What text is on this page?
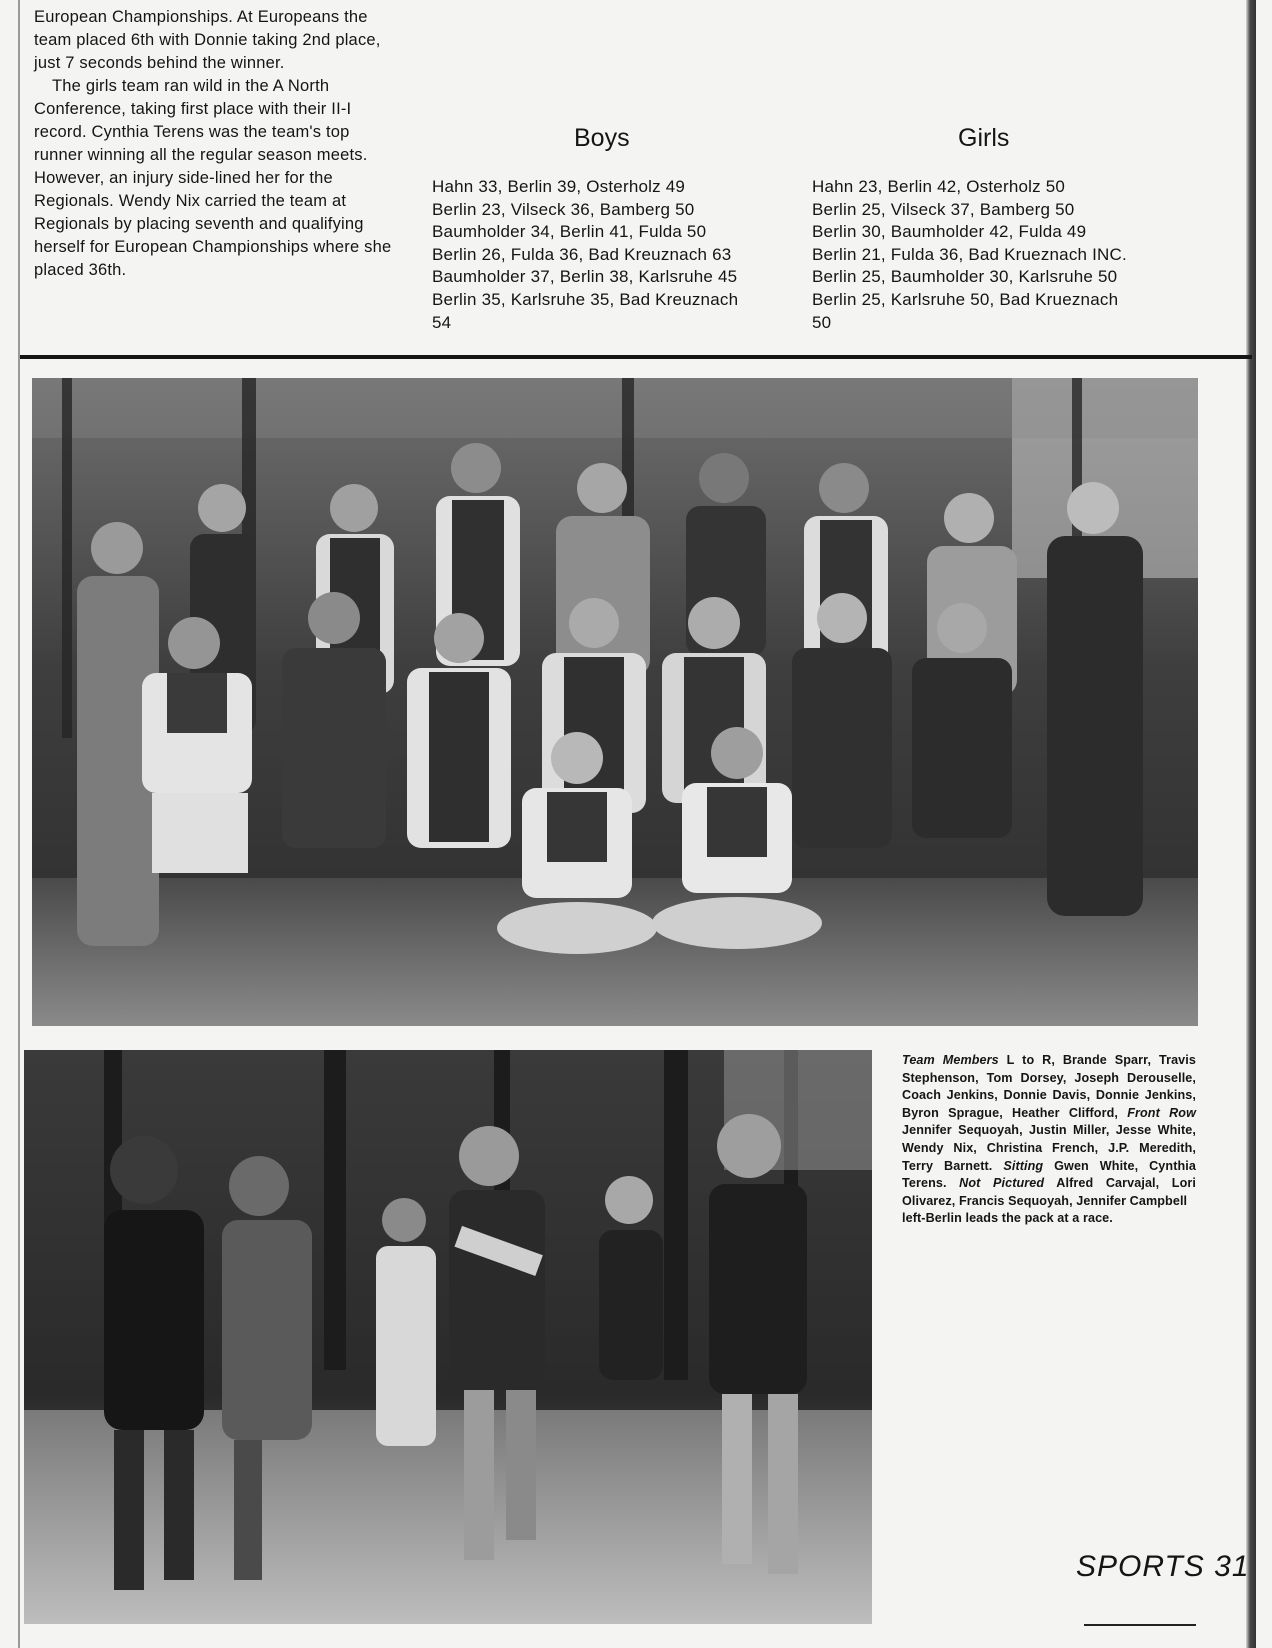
European Championships. At Europeans the team placed 6th with Donnie taking 2nd place, just 7 seconds behind the winner.

The girls team ran wild in the A North Conference, taking first place with their II-I record. Cynthia Terens was the team's top runner winning all the regular season meets. However, an injury side-lined her for the Regionals. Wendy Nix carried the team at Regionals by placing seventh and qualifying herself for European Championships where she placed 36th.

Boys	Girls
Hahn 33, Berlin 39, Osterholz 49
Berlin 23, Vilseck 36, Bamberg 50
Baumholder 34, Berlin 41, Fulda 50
Berlin 26, Fulda 36, Bad Kreuznach 63
Baumholder 37, Berlin 38, Karlsruhe 45
Berlin 35, Karlsruhe 35, Bad Kreuznach
54
Hahn 23, Berlin 42, Osterholz 50
Berlin 25, Vilseck 37, Bamberg 50
Berlin 30, Baumholder 42, Fulda 49
Berlin 21, Fulda 36, Bad Krueznach INC.
Berlin 25, Baumholder 30, Karlsruhe 50
Berlin 25, Karlsruhe 50, Bad Krueznach
50
Team Members L to R, Brande Sparr, Travis Stephenson, Tom Dorsey, Joseph Derouselle, Coach Jenkins, Donnie Davis, Donnie Jenkins, Byron Sprague, Heather Clifford, Front Row Jennifer Sequoyah, Justin Miller, Jesse White, Wendy Nix, Christina French, J.P. Meredith, Terry Barnett. Sitting Gwen White, Cynthia Terens. Not Pictured Alfred Carvajal, Lori Olivarez, Francis Sequoyah, Jennifer Campbell
left-Berlin leads the pack at a race.
SPORTS 31
